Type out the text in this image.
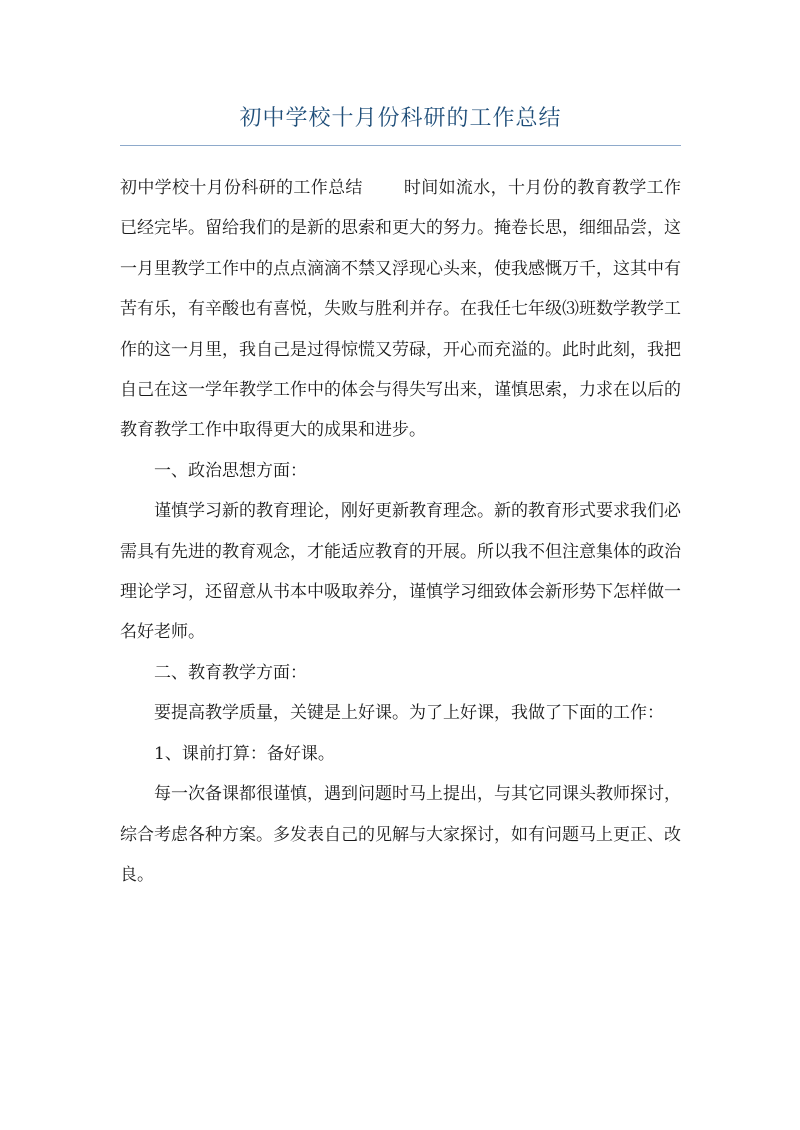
初中学校十月份科研的工作总结

初中学校十月份科研的工作总结 时间如流水，十月份的教育教学工作已经完毕。留给我们的是新的思索和更大的努力。掩卷长思，细细品尝，这一月里教学工作中的点点滴滴不禁又浮现心头来，使我感慨万千，这其中有苦有乐，有辛酸也有喜悦，失败与胜利并存。在我任七年级⑶班数学教学工作的这一月里，我自己是过得惊慌又劳碌，开心而充溢的。此时此刻，我把自己在这一学年教学工作中的体会与得失写出来，谨慎思索，力求在以后的教育教学工作中取得更大的成果和进步。

一、政治思想方面：

谨慎学习新的教育理论，刚好更新教育理念。新的教育形式要求我们必需具有先进的教育观念，才能适应教育的开展。所以我不但注意集体的政治理论学习，还留意从书本中吸取养分，谨慎学习细致体会新形势下怎样做一名好老师。

二、教育教学方面：

要提高教学质量，关键是上好课。为了上好课，我做了下面的工作：

1、课前打算：备好课。

每一次备课都很谨慎，遇到问题时马上提出，与其它同课头教师探讨，综合考虑各种方案。多发表自己的见解与大家探讨，如有问题马上更正、改良。
